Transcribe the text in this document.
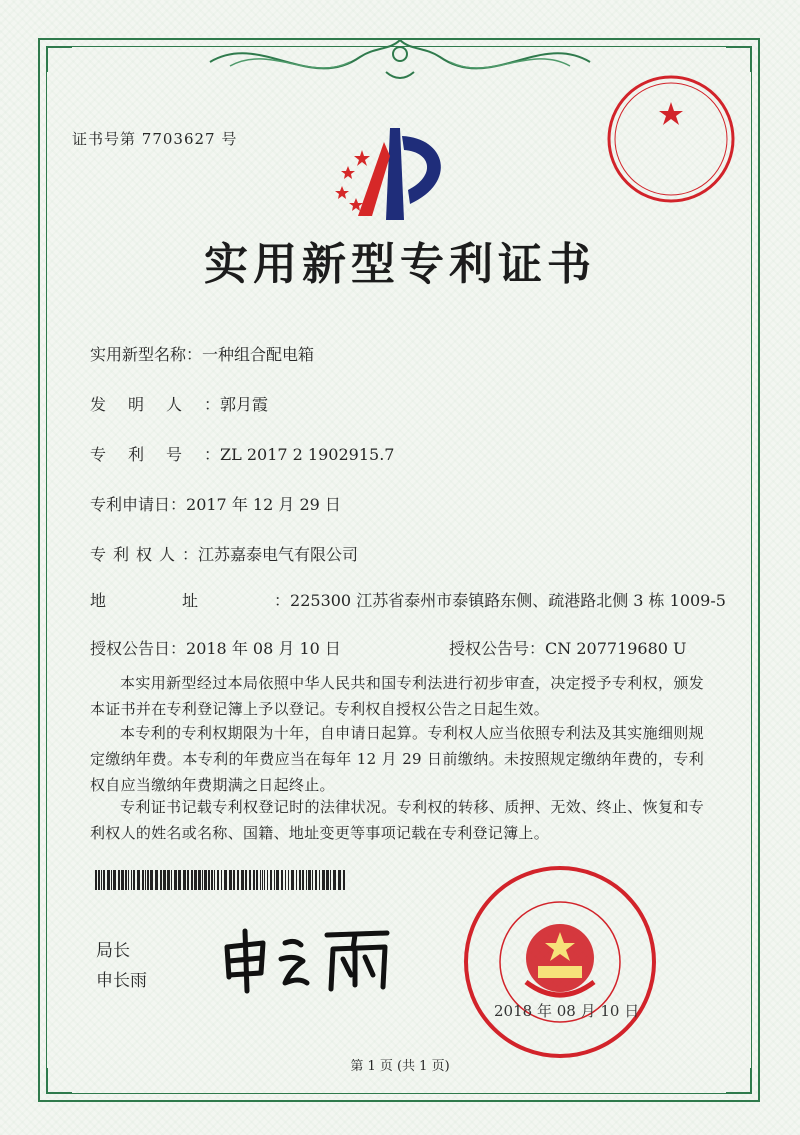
证书号第 7703627 号
实用新型专利证书
实用新型名称：一种组合配电箱
发明人：郭月霞
专利号：ZL 2017 2 1902915.7
专利申请日：2017 年 12 月 29 日
专利权人：江苏嘉泰电气有限公司
地址：225300 江苏省泰州市泰镇路东侧、疏港路北侧 3 栋 1009-5
授权公告日：2018 年 08 月 10 日	授权公告号：CN 207719680 U
本实用新型经过本局依照中华人民共和国专利法进行初步审查，决定授予专利权，颁发本证书并在专利登记簿上予以登记。专利权自授权公告之日起生效。
本专利的专利权期限为十年，自申请日起算。专利权人应当依照专利法及其实施细则规定缴纳年费。本专利的年费应当在每年 12 月 29 日前缴纳。未按照规定缴纳年费的，专利权自应当缴纳年费期满之日起终止。
专利证书记载专利权登记时的法律状况。专利权的转移、质押、无效、终止、恢复和专利权人的姓名或名称、国籍、地址变更等事项记载在专利登记簿上。
局长
申长雨
2018 年 08 月 10 日
第 1 页 (共 1 页)
